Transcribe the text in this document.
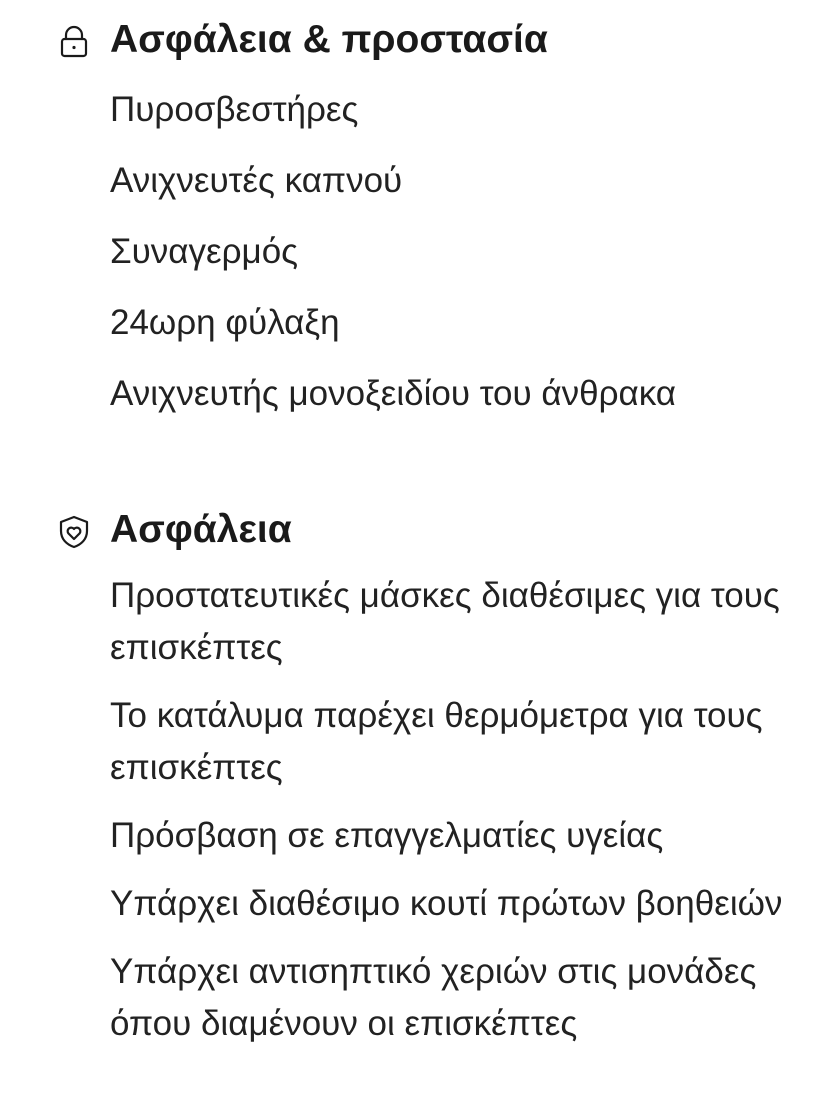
Ασφάλεια & προστασία
Πυροσβεστήρες
Ανιχνευτές καπνού
Συναγερμός
24ωρη φύλαξη
Ανιχνευτής μονοξειδίου του άνθρακα
Ασφάλεια
Προστατευτικές μάσκες διαθέσιμες για τους επισκέπτες
Το κατάλυμα παρέχει θερμόμετρα για τους επισκέπτες
Πρόσβαση σε επαγγελματίες υγείας
Υπάρχει διαθέσιμο κουτί πρώτων βοηθειών
Υπάρχει αντισηπτικό χεριών στις μονάδες όπου διαμένουν οι επισκέπτες
